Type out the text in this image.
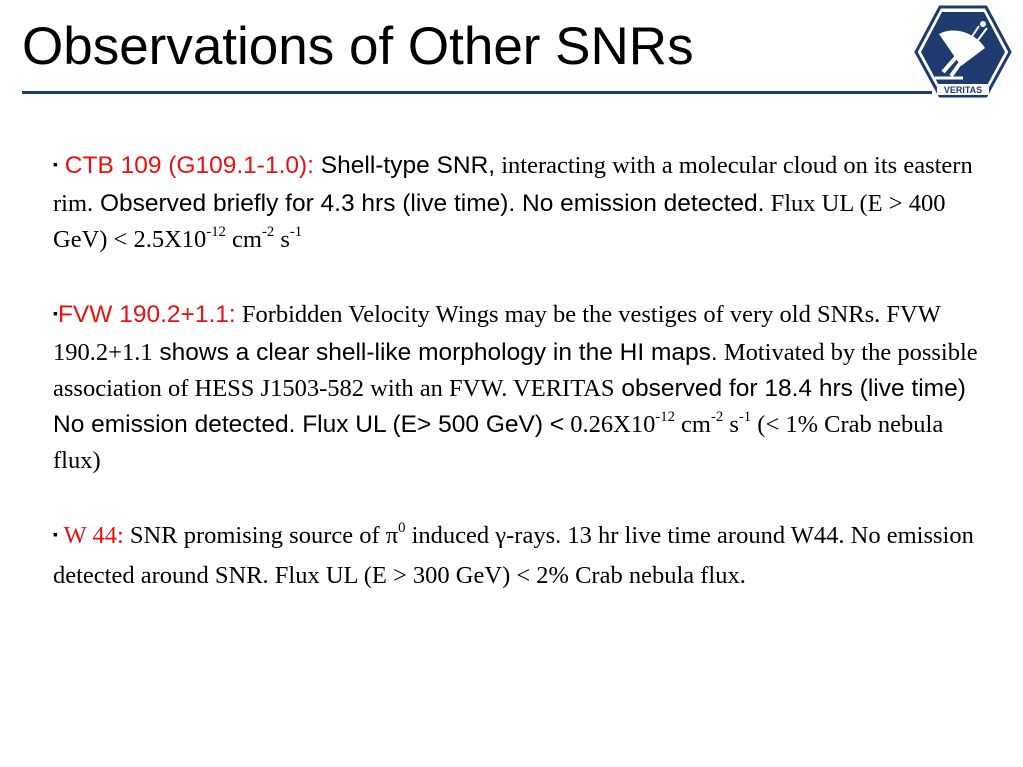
Observations of Other SNRs
VERITAS

▪ CTB 109 (G109.1-1.0): Shell-type SNR, interacting with a molecular cloud on its eastern rim. Observed briefly for 4.3 hrs (live time). No emission detected. Flux UL (E > 400 $GeV) < 2.5X10^{-12}$ $cm^{-2}$ $s^{-1}$

▪FVW 190.2+1.1: Forbidden Velocity Wings may be the vestiges of very old SNRs. FVW 190.2+1.1 shows a clear shell-like morphology in the HI maps. Motivated by the possible association of HESS J1503-582 with an FVW. VERITAS observed for 18.4 hrs (live time) No emission detected. Flux UL (E> 500 $GeV) < 0.26X10^{-12}$ $cm^{-2}$ $s^{-1}$ (< 1% Crab nebula flux)

▪ W 44: SNR promising source of $\pi^0$ induced γ-rays. 13 hr live time around W44. No emission detected around SNR. Flux UL (E > 300 GeV) < 2% Crab nebula flux.
